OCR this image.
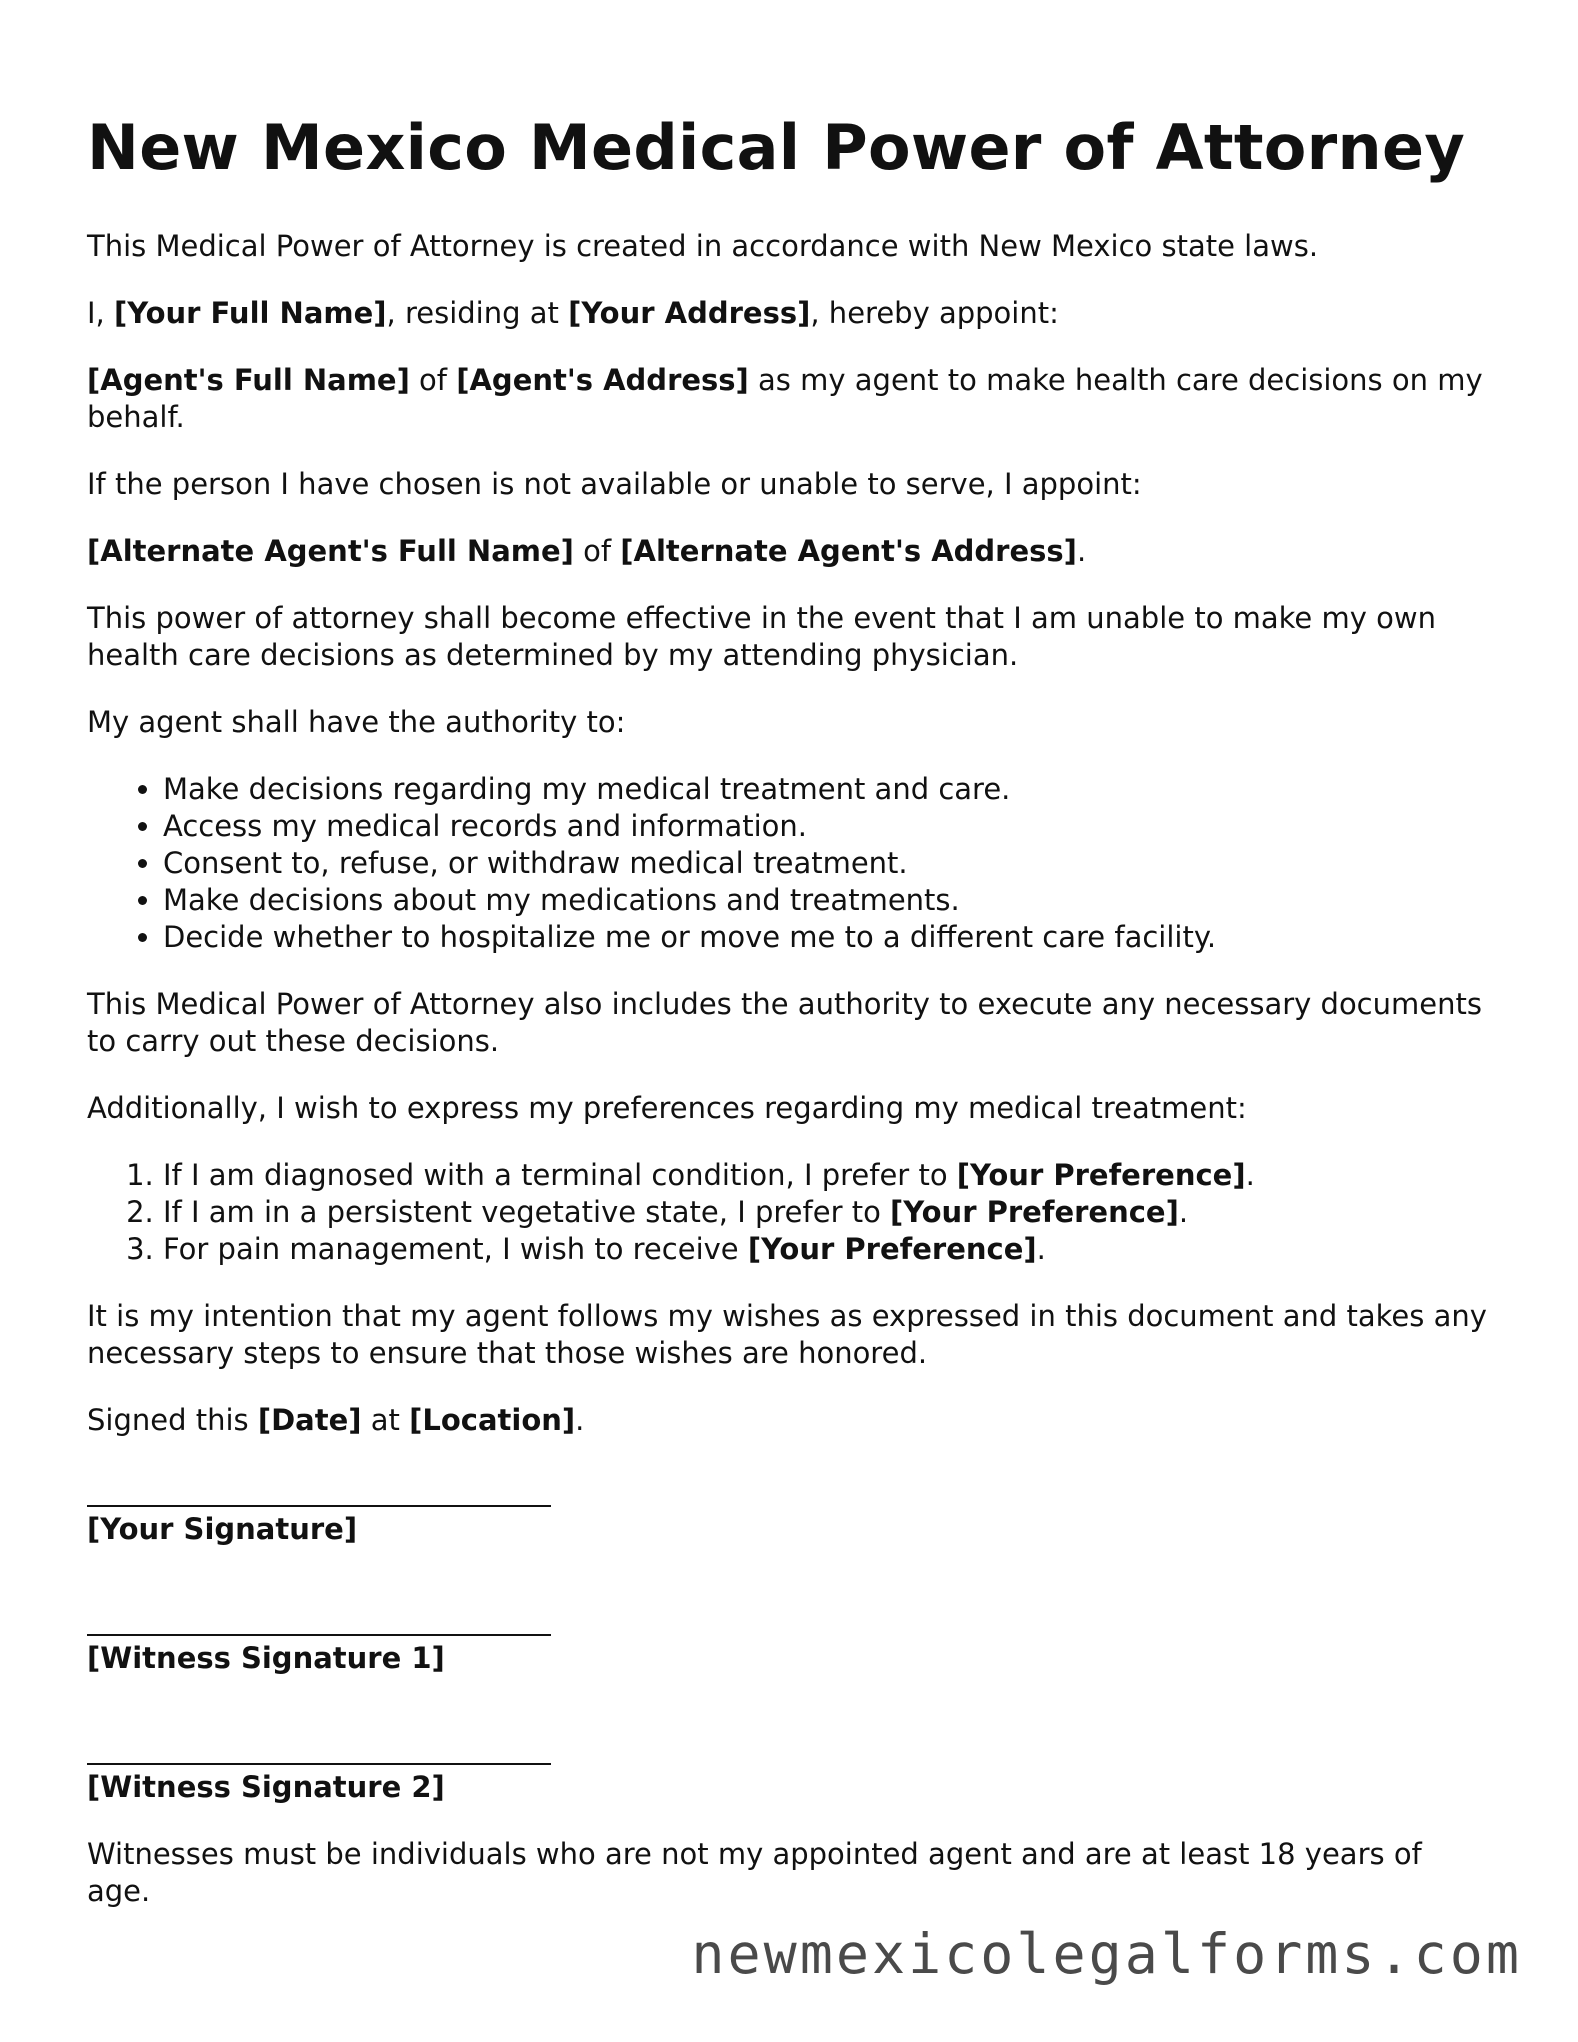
New Mexico Medical Power of Attorney

This Medical Power of Attorney is created in accordance with New Mexico state laws.

I, [Your Full Name], residing at [Your Address], hereby appoint:

[Agent's Full Name] of [Agent's Address] as my agent to make health care decisions on my behalf.

If the person I have chosen is not available or unable to serve, I appoint:

[Alternate Agent's Full Name] of [Alternate Agent's Address].

This power of attorney shall become effective in the event that I am unable to make my own health care decisions as determined by my attending physician.

My agent shall have the authority to:

• Make decisions regarding my medical treatment and care.
• Access my medical records and information.
• Consent to, refuse, or withdraw medical treatment.
• Make decisions about my medications and treatments.
• Decide whether to hospitalize me or move me to a different care facility.

This Medical Power of Attorney also includes the authority to execute any necessary documents to carry out these decisions.

Additionally, I wish to express my preferences regarding my medical treatment:

1. If I am diagnosed with a terminal condition, I prefer to [Your Preference].
2. If I am in a persistent vegetative state, I prefer to [Your Preference].
3. For pain management, I wish to receive [Your Preference].

It is my intention that my agent follows my wishes as expressed in this document and takes any necessary steps to ensure that those wishes are honored.

Signed this [Date] at [Location].

[Your Signature]
[Witness Signature 1]
[Witness Signature 2]

Witnesses must be individuals who are not my appointed agent and are at least 18 years of age.

newmexicolegalforms.com
